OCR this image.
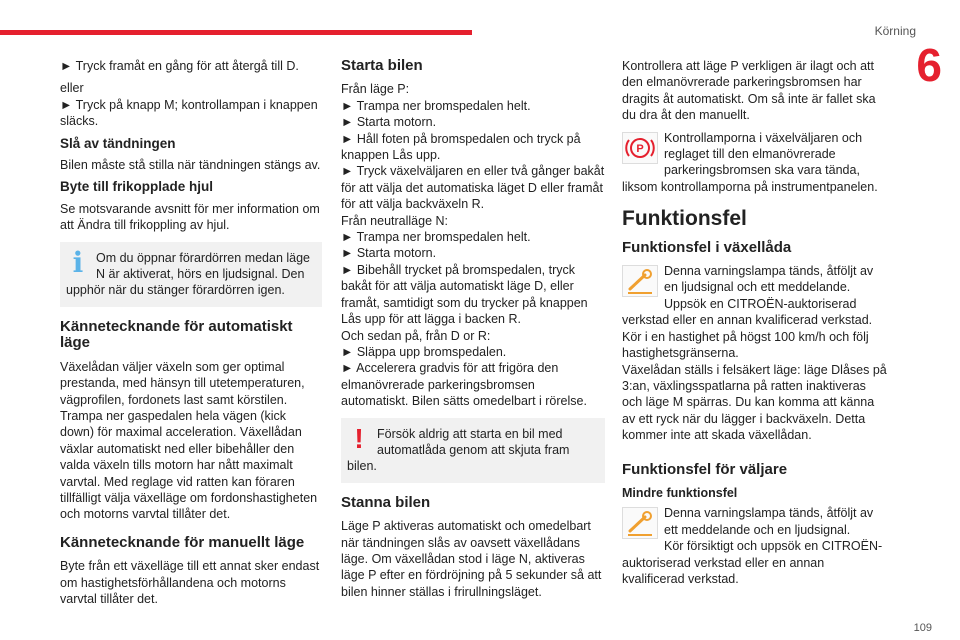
Körning
6

► Tryck framåt en gång för att återgå till D.

eller

► Tryck på knapp M; kontrollampan i knappen släcks.

Slå av tändningen

Bilen måste stå stilla när tändningen stängs av.

Byte till frikopplade hjul

Se motsvarande avsnitt för mer information om att Ändra till frikoppling av hjul.

i	Om du öppnar förardörren medan läge N är aktiverat, hörs en ljudsignal. Den upphör när du stänger förardörren igen.
Kännetecknande för automatiskt läge

Växelådan väljer växeln som ger optimal prestanda, med hänsyn till utetemperaturen, vägprofilen, fordonets last samt körstilen. Trampa ner gaspedalen hela vägen (kick down) för maximal acceleration. Växellådan växlar automatiskt ned eller bibehåller den valda växeln tills motorn har nått maximalt varvtal. Med reglage vid ratten kan föraren tillfälligt välja växelläge om fordonshastigheten och motorns varvtal tillåter det.

Kännetecknande för manuellt läge

Byte från ett växelläge till ett annat sker endast om hastighetsförhållandena och motorns varvtal tillåter det.

Starta bilen

Från läge P:
► Trampa ner bromspedalen helt.
► Starta motorn.
► Håll foten på bromspedalen och tryck på knappen Lås upp.
► Tryck växelväljaren en eller två gånger bakåt för att välja det automatiska läget D eller framåt för att välja backväxeln R.
Från neutralläge N:
► Trampa ner bromspedalen helt.
► Starta motorn.
► Bibehåll trycket på bromspedalen, tryck bakåt för att välja automatiskt läge D, eller framåt, samtidigt som du trycker på knappen Lås upp för att lägga i backen R.
Och sedan på, från D or R:
► Släppa upp bromspedalen.
► Accelerera gradvis för att frigöra den elmanövrerade parkeringsbromsen automatiskt. Bilen sätts omedelbart i rörelse.

!	Försök aldrig att starta en bil med automatlåda genom att skjuta fram bilen.
Stanna bilen

Läge P aktiveras automatiskt och omedelbart när tändningen slås av oavsett växellådans läge. Om växellådan stod i läge N, aktiveras läge P efter en fördröjning på 5 sekunder så att bilen hinner ställas i frirullningsläget.

Kontrollera att läge P verkligen är ilagt och att den elmanövrerade parkeringsbromsen har dragits åt automatiskt. Om så inte är fallet ska du dra åt den manuellt.

P

Kontrollamporna i växelväljaren och reglaget till den elmanövrerade parkeringsbromsen ska vara tända, liksom kontrollamporna på instrumentpanelen.

Funktionsfel
Funktionsfel i växellåda

Denna varningslampa tänds, åtföljt av en ljudsignal och ett meddelande.
Uppsök en CITROËN-auktoriserad verkstad eller en annan kvalificerad verkstad.
Kör i en hastighet på högst 100 km/h och följ hastighetsgränserna.
Växelådan ställs i felsäkert läge: läge Dlåses på 3:an, växlingsspatlarna på ratten inaktiveras och läge M spärras. Du kan komma att känna av ett ryck när du lägger i backväxeln. Detta kommer inte att skada växellådan.

Funktionsfel för väljare
Mindre funktionsfel

Denna varningslampa tänds, åtföljt av ett meddelande och en ljudsignal.
Kör försiktigt och uppsök en CITROËN-auktoriserad verkstad eller en annan kvalificerad verkstad.

109
